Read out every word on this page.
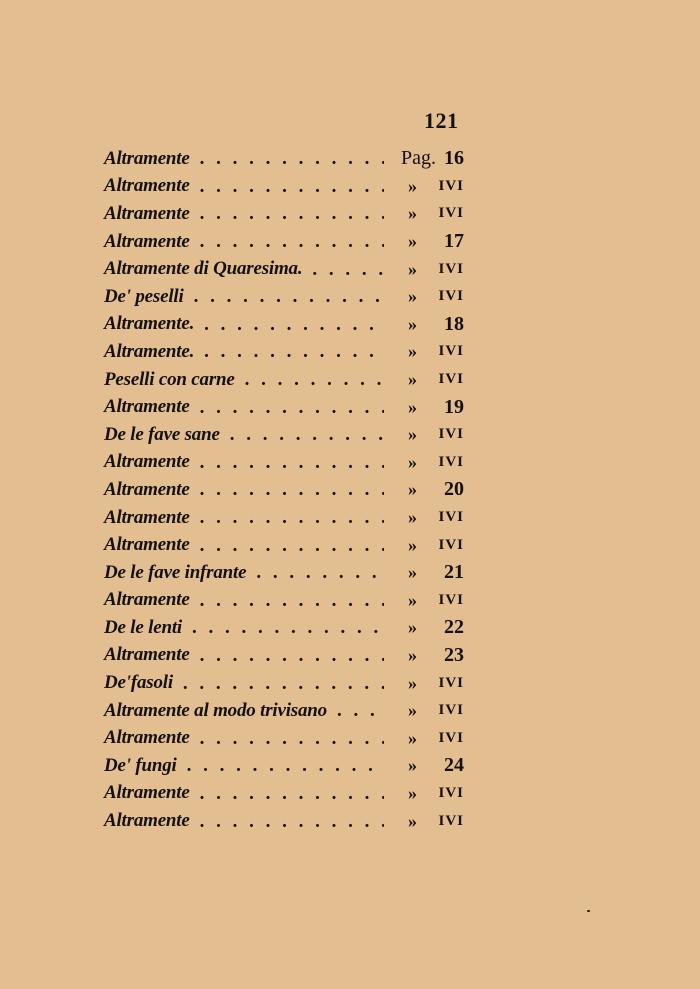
121
Altramente . . .	Pag. 16
Altramente . . .	»	IVI
Altramente . . .	»	IVI
Altramente . . .	»	17
Altramente di Quaresima. . . .	»	IVI
De' peselli . . .	»	IVI
Altramente. . . .	»	18
Altramente. . . .	»	IVI
Peselli con carne . . .	»	IVI
Altramente . . .	»	19
De le fave sane . . .	»	IVI
Altramente . . .	»	IVI
Altramente . . .	»	20
Altramente . . .	»	IVI
Altramente . . .	»	IVI
De le fave infrante . . .	»	21
Altramente . . .	»	IVI
De le lenti . . .	»	22
Altramente . . .	»	23
De'fasoli . . .	»	IVI
Altramente al modo trivisano . . .	»	IVI
Altramente . . .	»	IVI
De' fungi . . .	»	24
Altramente . . .	»	IVI
Altramente . . .	»	IVI
